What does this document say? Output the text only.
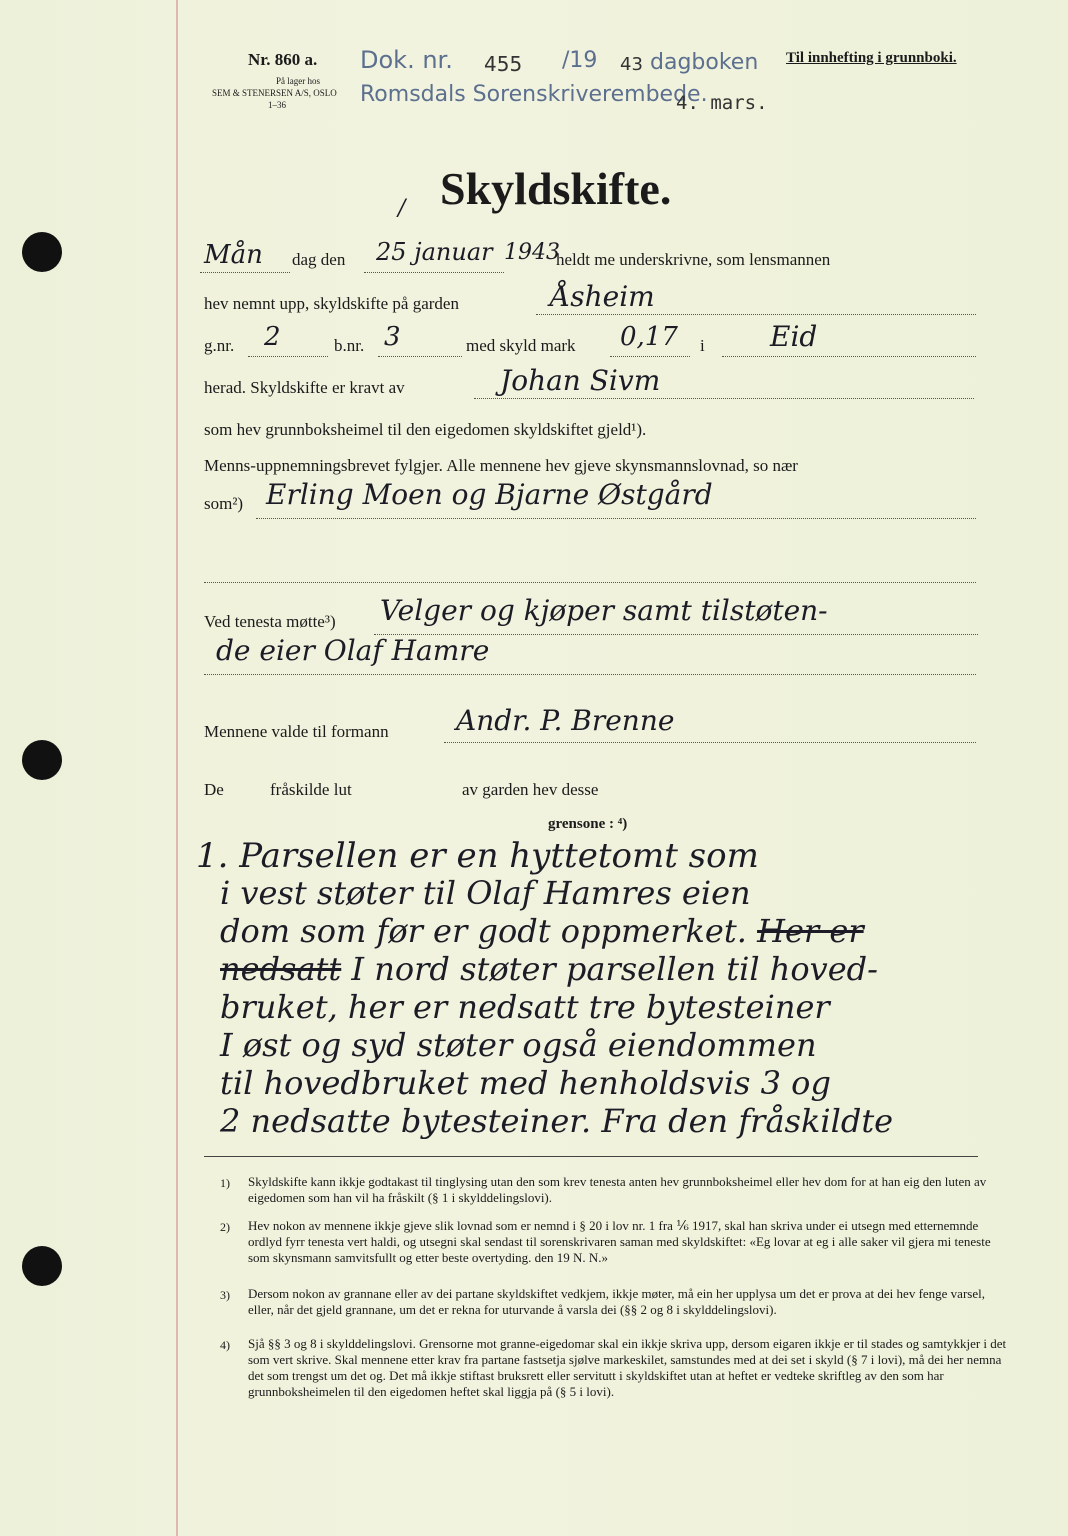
Nr. 860 a.
På lager hos
SEM & STENERSEN A/S, OSLO
1–36
Dok. nr. 455 /19 43 dagboken
Romsdals Sorenskriverembede.
4. mars.
Til innhefting i grunnboki.
Skyldskifte.
/
Mån dag den 25 januar 1943
heldt me underskrivne, som lensmannen
hev nemnt upp, skyldskifte på garden	Åsheim
g.nr. 2	b.nr. 3	med skyld mark 0,17 i Eid
herad. Skyldskifte er kravt av	Johan Sivm
som hev grunnboksheimel til den eigedomen skyldskiftet gjeld¹).
Menns-uppnemningsbrevet fylgjer. Alle mennene hev gjeve skynsmannslovnad, so nær
som²) Erling Moen og Bjarne Østgård
Ved tenesta møtte³) Velger og kjøper samt tilstøten-
de eier Olaf Hamre
Mennene valde til formann Andr. P. Brenne
De	fråskilde lut	av garden hev desse
grensone : ⁴)
1. Parsellen er en hyttetomt som
i vest støter til Olaf Hamres eien
dom som før er godt oppmerket. Her er
nedsatt I nord støter parsellen til hoved-
bruket, her er nedsatt tre bytesteiner
I øst og syd støter også eiendommen
til hovedbruket med henholdsvis 3 og
2 nedsatte bytesteiner. Fra den fråskildte
1) Skyldskifte kann ikkje godtakast til tinglysing utan den som krev tenesta anten hev grunnboksheimel eller hev dom for at han eig den luten av eigedomen som han vil ha fråskilt (§ 1 i skylddelingslovi).
2) Hev nokon av mennene ikkje gjeve slik lovnad som er nemnd i § 20 i lov nr. 1 fra ⅙ 1917, skal han skriva under ei utsegn med etternemnde ordlyd fyrr tenesta vert haldi, og utsegni skal sendast til sorenskrivaren saman med skyldskiftet: «Eg lovar at eg i alle saker vil gjera mi teneste som skynsmann samvitsfullt og etter beste overtyding. den 19 N. N.»
3) Dersom nokon av grannane eller av dei partane skyldskiftet vedkjem, ikkje møter, må ein her upplysa um det er prova at dei hev fenge varsel, eller, når det gjeld grannane, um det er rekna for uturvande å varsla dei (§§ 2 og 8 i skylddelingslovi).
4) Sjå §§ 3 og 8 i skylddelingslovi. Grensorne mot granne-eigedomar skal ein ikkje skriva upp, dersom eigaren ikkje er til stades og samtykkjer i det som vert skrive. Skal mennene etter krav fra partane fastsetja sjølve markeskilet, samstundes med at dei set i skyld (§ 7 i lovi), må dei her nemna det som trengst um det og. Det må ikkje stiftast bruksrett eller servitutt i skyldskiftet utan at heftet er vedteke skriftleg av den som har grunnboksheimelen til den eigedomen heftet skal liggja på (§ 5 i lovi).
